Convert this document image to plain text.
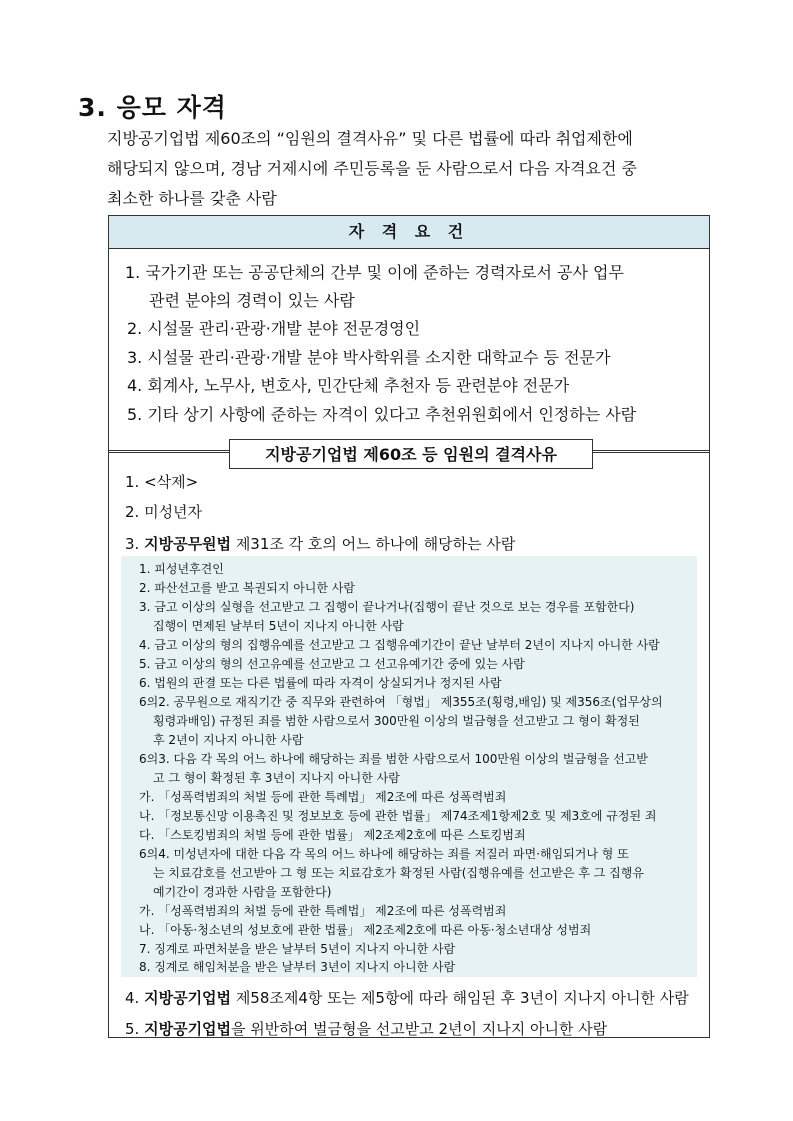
3. 응모 자격
지방공기업법 제60조의 “임원의 결격사유” 및 다른 법률에 따라 취업제한에
해당되지 않으며, 경남 거제시에 주민등록을 둔 사람으로서 다음 자격요건 중
최소한 하나를 갖춘 사람
자 격 요 건
1. 국가기관 또는 공공단체의 간부 및 이에 준하는 경력자로서 공사 업무
관련 분야의 경력이 있는 사람
2. 시설물 관리·관광·개발 분야 전문경영인
3. 시설물 관리·관광·개발 분야 박사학위를 소지한 대학교수 등 전문가
4. 회계사, 노무사, 변호사, 민간단체 추천자 등 관련분야 전문가
5. 기타 상기 사항에 준하는 자격이 있다고 추천위원회에서 인정하는 사람
지방공기업법 제60조 등 임원의 결격사유
1. <삭제>
2. 미성년자
3. 지방공무원법 제31조 각 호의 어느 하나에 해당하는 사람
1. 피성년후견인
2. 파산선고를 받고 복권되지 아니한 사람
3. 금고 이상의 실형을 선고받고 그 집행이 끝나거나(집행이 끝난 것으로 보는 경우를 포함한다)
집행이 면제된 날부터 5년이 지나지 아니한 사람
4. 금고 이상의 형의 집행유예를 선고받고 그 집행유예기간이 끝난 날부터 2년이 지나지 아니한 사람
5. 금고 이상의 형의 선고유예를 선고받고 그 선고유예기간 중에 있는 사람
6. 법원의 판결 또는 다른 법률에 따라 자격이 상실되거나 정지된 사람
6의2. 공무원으로 재직기간 중 직무와 관련하여 「형법」 제355조(횡령,배임) 및 제356조(업무상의
횡령과배임) 규정된 죄를 범한 사람으로서 300만원 이상의 벌금형을 선고받고 그 형이 확정된
후 2년이 지나지 아니한 사람
6의3. 다음 각 목의 어느 하나에 해당하는 죄를 범한 사람으로서 100만원 이상의 벌금형을 선고받
고 그 형이 확정된 후 3년이 지나지 아니한 사람
가. 「성폭력범죄의 처벌 등에 관한 특례법」 제2조에 따른 성폭력범죄
나. 「정보통신망 이용촉진 및 정보보호 등에 관한 법률」 제74조제1항제2호 및 제3호에 규정된 죄
다. 「스토킹범죄의 처벌 등에 관한 법률」 제2조제2호에 따른 스토킹범죄
6의4. 미성년자에 대한 다음 각 목의 어느 하나에 해당하는 죄를 저질러 파면·해임되거나 형 또
는 치료감호를 선고받아 그 형 또는 치료감호가 확정된 사람(집행유예를 선고받은 후 그 집행유
예기간이 경과한 사람을 포함한다)
가. 「성폭력범죄의 처벌 등에 관한 특례법」 제2조에 따른 성폭력범죄
나. 「아동·청소년의 성보호에 관한 법률」 제2조제2호에 따른 아동·청소년대상 성범죄
7. 징계로 파면처분을 받은 날부터 5년이 지나지 아니한 사람
8. 징계로 해임처분을 받은 날부터 3년이 지나지 아니한 사람
4. 지방공기업법 제58조제4항 또는 제5항에 따라 해임된 후 3년이 지나지 아니한 사람
5. 지방공기업법을 위반하여 벌금형을 선고받고 2년이 지나지 아니한 사람
